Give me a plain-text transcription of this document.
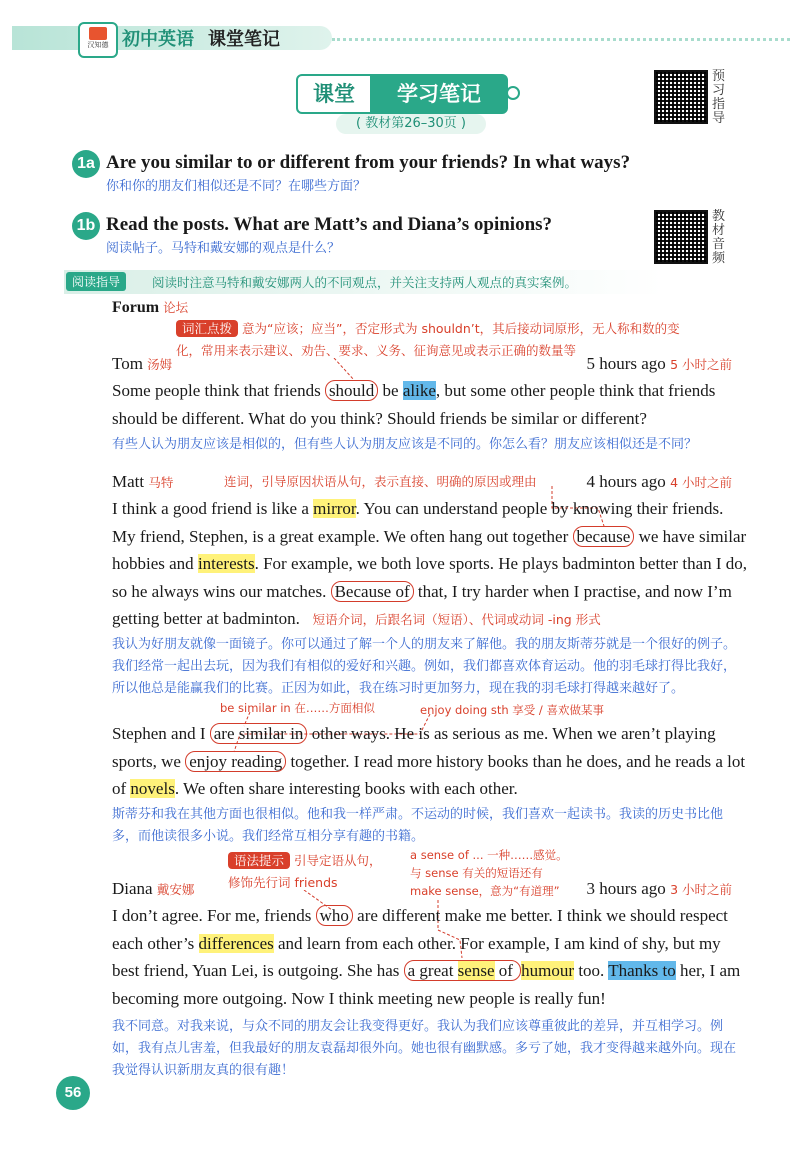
汉知德 初中英语 课堂笔记
课堂	学习笔记
( 教材第26–30页 )
预习指导
教材音频
1a Are you similar to or different from your friends? In what ways?
你和你的朋友们相似还是不同？在哪些方面？
1b Read the posts. What are Matt’s and Diana’s opinions?
阅读帖子。马特和戴安娜的观点是什么？
阅读指导	阅读时注意马特和戴安娜两人的不同观点，并关注支持两人观点的真实案例。
Forum 论坛
词汇点拨 意为“应该；应当”，否定形式为 shouldn’t，其后接动词原形，无人称和数的变
化，常用来表示建议、劝告、要求、义务、征询意见或表示正确的数量等
Tom 汤姆	5 hours ago 5 小时之前
Some people think that friends should be alike, but some other people think that friends
should be different. What do you think? Should friends be similar or different?
有些人认为朋友应该是相似的，但有些人认为朋友应该是不同的。你怎么看？朋友应该相似还是不同？
Matt 马特	连词，引导原因状语从句，表示直接、明确的原因或理由	4 hours ago 4 小时之前
I think a good friend is like a mirror. You can understand people by knowing their friends.
My friend, Stephen, is a great example. We often hang out together because we have similar
hobbies and interests. For example, we both love sports. He plays badminton better than I do,
so he always wins our matches. Because of that, I try harder when I practise, and now I’m
getting better at badminton. 短语介词，后跟名词（短语）、代词或动词 -ing 形式
我认为好朋友就像一面镜子。你可以通过了解一个人的朋友来了解他。我的朋友斯蒂芬就是一个很好的例子。我们经常一起出去玩，因为我们有相似的爱好和兴趣。例如，我们都喜欢体育运动。他的羽毛球打得比我好，所以他总是能赢我们的比赛。正因为如此，我在练习时更加努力，现在我的羽毛球打得越来越好了。
be similar in 在……方面相似	enjoy doing sth 享受 / 喜欢做某事
Stephen and I are similar in other ways. He is as serious as me. When we aren’t playing
sports, we enjoy reading together. I read more history books than he does, and he reads a lot
of novels. We often share interesting books with each other.
斯蒂芬和我在其他方面也很相似。他和我一样严肃。不运动的时候，我们喜欢一起读书。我读的历史书比他多，而他读很多小说。我们经常互相分享有趣的书籍。
语法提示 引导定语从句，
修饰先行词 friends
a sense of ... 一种……感觉。
与 sense 有关的短语还有
make sense，意为“有道理”
Diana 戴安娜	3 hours ago 3 小时之前
I don’t agree. For me, friends who are different make me better. I think we should respect
each other’s differences and learn from each other. For example, I am kind of shy, but my
best friend, Yuan Lei, is outgoing. She has a great sense of humour too. Thanks to her, I am
becoming more outgoing. Now I think meeting new people is really fun!
我不同意。对我来说，与众不同的朋友会让我变得更好。我认为我们应该尊重彼此的差异，并互相学习。例如，我有点儿害羞，但我最好的朋友袁磊却很外向。她也很有幽默感。多亏了她，我才变得越来越外向。现在我觉得认识新朋友真的很有趣！
56
